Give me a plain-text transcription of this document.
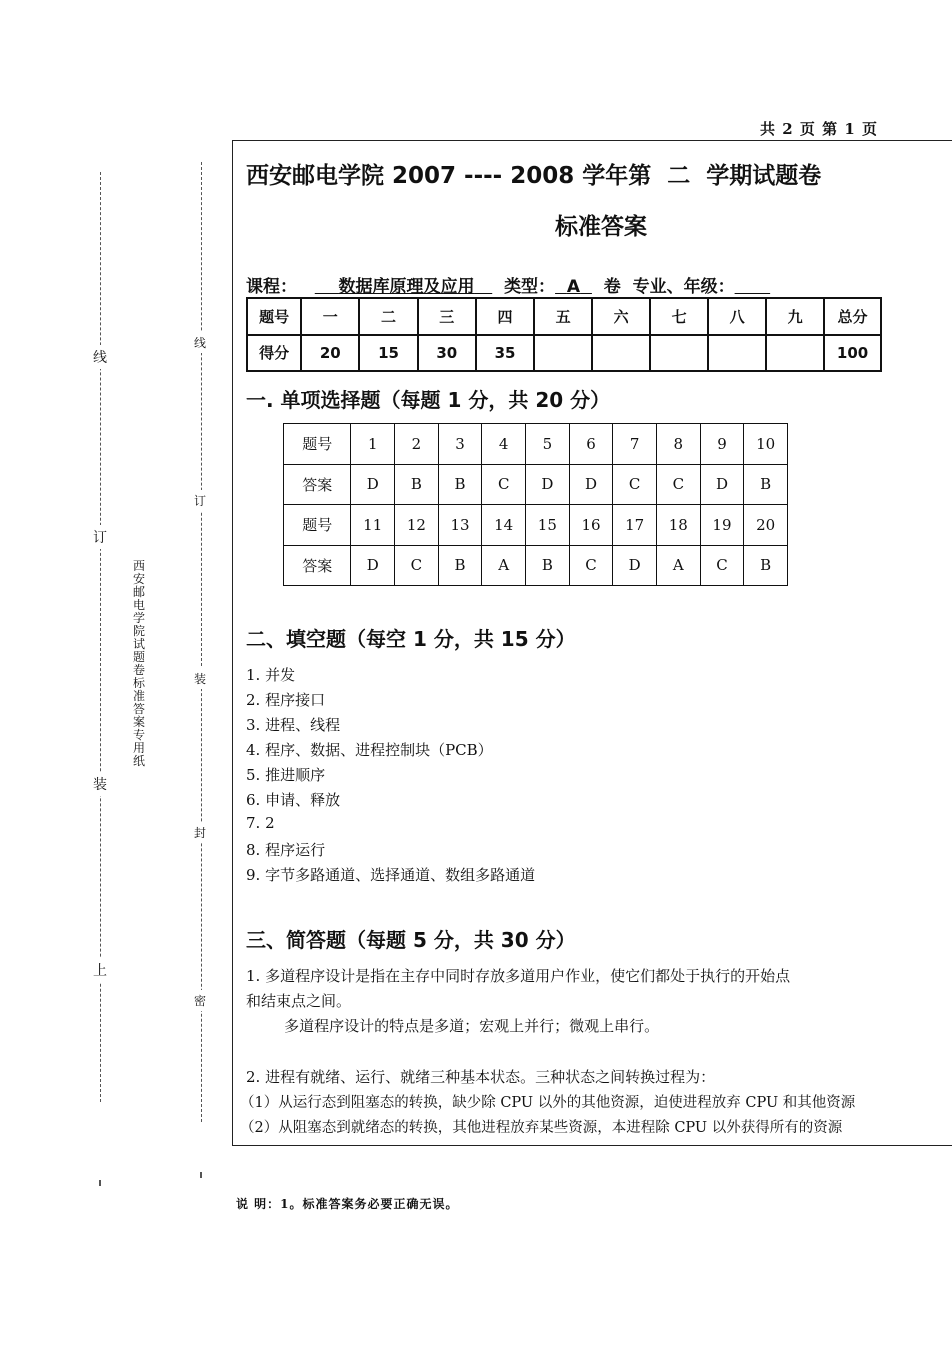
线
订
装
上
西安邮电学院试题卷标准答案专用纸
线
订
装
封
密
共 2 页 第 1 页
西安邮电学院 2007 ---- 2008 学年第  二  学期试题卷
标准答案
课程： 数据库原理及应用 类型： A 卷  专业、年级：
题号	一	二	三	四	五	六	七	八	九	总分
得分	20	15	30	35						100
一. 单项选择题（每题 1 分，共 20 分）
题号	1	2	3	4	5	6	7	8	9	10
答案	D	B	B	C	D	D	C	C	D	B
题号	11	12	13	14	15	16	17	18	19	20
答案	D	C	B	A	B	C	D	A	C	B
二、填空题（每空 1 分，共 15 分）
1. 并发
2. 程序接口
3. 进程、线程
4. 程序、数据、进程控制块（PCB）
5. 推进顺序
6. 申请、释放
7. 2
8. 程序运行
9. 字节多路通道、选择通道、数组多路通道
三、简答题（每题 5 分，共 30 分）
1. 多道程序设计是指在主存中同时存放多道用户作业，使它们都处于执行的开始点
和结束点之间。
多道程序设计的特点是多道；宏观上并行；微观上串行。
2. 进程有就绪、运行、就绪三种基本状态。三种状态之间转换过程为：
（1）从运行态到阻塞态的转换，缺少除 CPU 以外的其他资源，迫使进程放弃 CPU 和其他资源
（2）从阻塞态到就绪态的转换，其他进程放弃某些资源，本进程除 CPU 以外获得所有的资源
说 明：1。标准答案务必要正确无误。
